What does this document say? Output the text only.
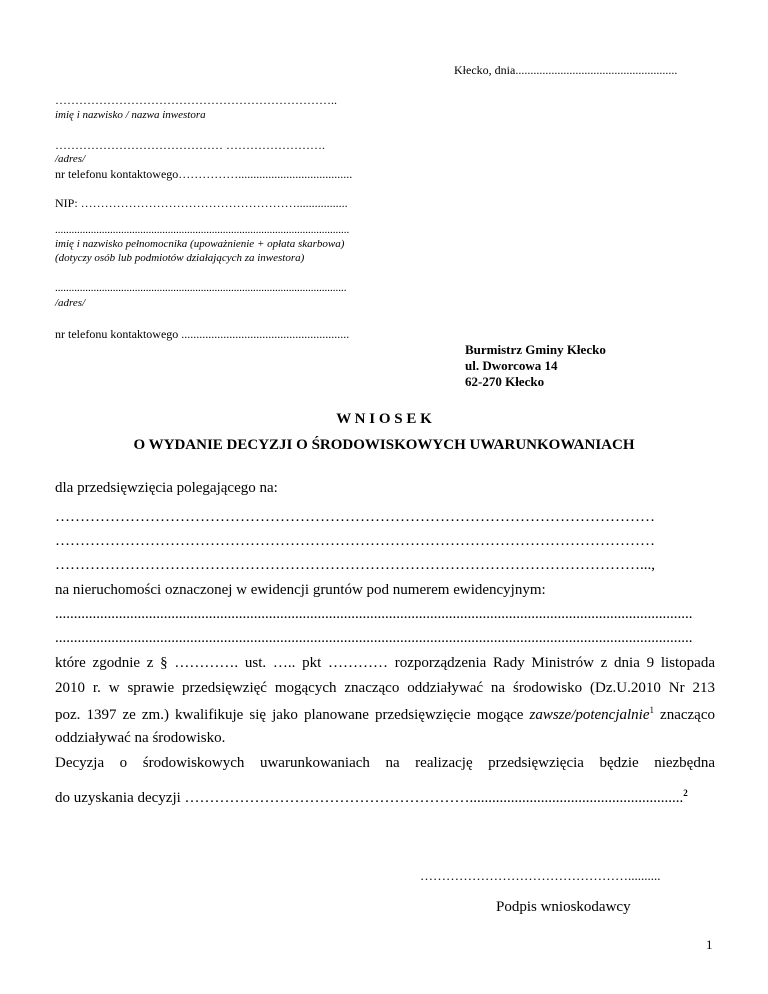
Kłecko, dnia......................................................
……………………………………………………………..
imię i nazwisko / nazwa inwestora
…………………………………… …………………….
/adres/
nr telefonu kontaktowego……………......................................
NIP: ……………………………………………….................
...........................................................................................................
imię i nazwisko pełnomocnika (upoważnienie + opłata skarbowa)
(dotyczy osób lub podmiotów działających za inwestora)
..........................................................................................................
/adres/
nr telefonu kontaktowego ........................................................
Burmistrz Gminy Kłecko
ul. Dworcowa 14
62-270 Kłecko
W N I O S E K
O WYDANIE DECYZJI O ŚRODOWISKOWYCH UWARUNKOWANIACH
dla przedsięwzięcia polegającego na:
…………………………………………………………………………………………………………
…………………………………………………………………………………………………………
………………………………………………………………………………………………………...,
na nieruchomości oznaczonej w ewidencji gruntów pod numerem ewidencyjnym:
..........................................................................................................................................................................
..........................................................................................................................................................................
które zgodnie z § …………. ust. ….. pkt ………… rozporządzenia Rady Ministrów z dnia 9 listopada
2010 r. w sprawie przedsięwzięć mogących znacząco oddziaływać na środowisko (Dz.U.2010 Nr 213
poz. 1397 ze zm.) kwalifikuje się jako planowane przedsięwzięcie mogące zawsze/potencjalnie$^1$ znacząco
oddziaływać na środowisko.
Decyzja o środowiskowych uwarunkowaniach na realizację przedsięwzięcia będzie niezbędna
do uzyskania decyzji ………………………………………………….........................................................$^2$
…………………………………………..........
Podpis wnioskodawcy
1
